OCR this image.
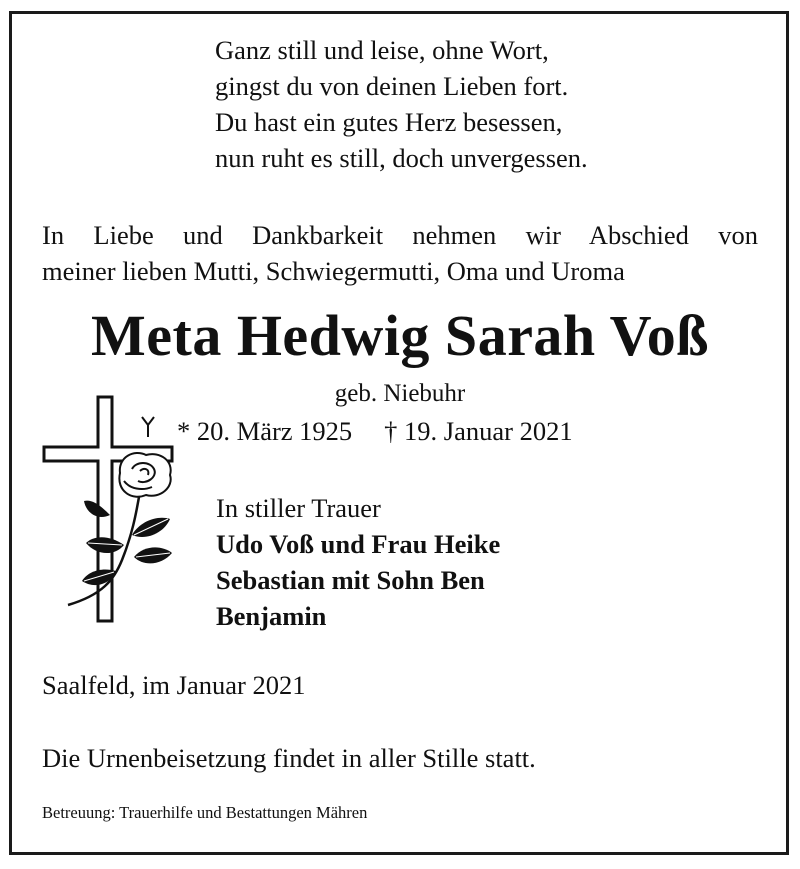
Ganz still und leise, ohne Wort,
gingst du von deinen Lieben fort.
Du hast ein gutes Herz besessen,
nun ruht es still, doch unvergessen.
In Liebe und Dankbarkeit nehmen wir Abschied von
meiner lieben Mutti, Schwiegermutti, Oma und Uroma
Meta Hedwig Sarah Voß
geb. Niebuhr
* 20. März 1925 † 19. Januar 2021
In stiller Trauer
Udo Voß und Frau Heike
Sebastian mit Sohn Ben
Benjamin
Saalfeld, im Januar 2021
Die Urnenbeisetzung findet in aller Stille statt.
Betreuung: Trauerhilfe und Bestattungen Mähren
